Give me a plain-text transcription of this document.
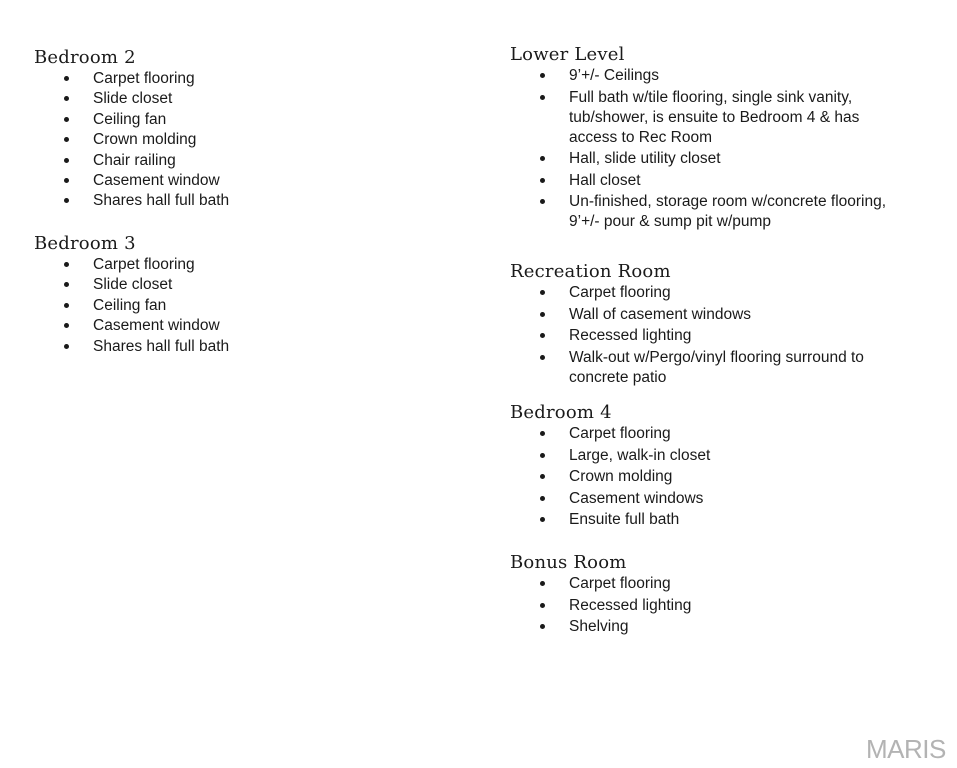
Bedroom 2
Carpet flooring
Slide closet
Ceiling fan
Crown molding
Chair railing
Casement window
Shares hall full bath
Bedroom 3
Carpet flooring
Slide closet
Ceiling fan
Casement window
Shares hall full bath
Lower Level
9’+/- Ceilings
Full bath w/tile flooring, single sink vanity, tub/shower, is ensuite to Bedroom 4 & has access to Rec Room
Hall, slide utility closet
Hall closet
Un-finished, storage room w/concrete flooring, 9’+/- pour & sump pit w/pump
Recreation Room
Carpet flooring
Wall of casement windows
Recessed lighting
Walk-out w/Pergo/vinyl flooring surround to concrete patio
Bedroom 4
Carpet flooring
Large, walk-in closet
Crown molding
Casement windows
Ensuite full bath
Bonus Room
Carpet flooring
Recessed lighting
Shelving
MARIS
